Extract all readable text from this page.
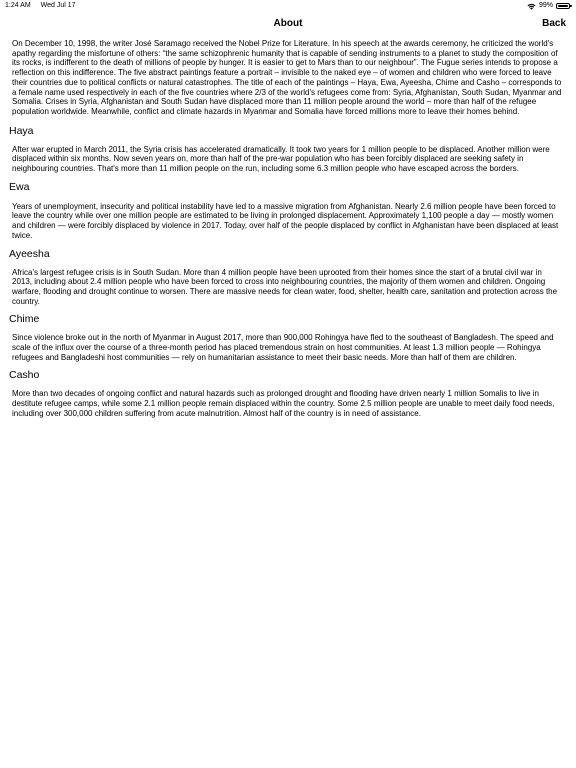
1:24 AM Wed Jul 17	99%
About	Back

On December 10, 1998, the writer José Saramago received the Nobel Prize for Literature. In his speech at the awards ceremony, he criticized the world's apathy regarding the misfortune of others: “the same schizophrenic humanity that is capable of sending instruments to a planet to study the composition of its rocks, is indifferent to the death of millions of people by hunger. It is easier to get to Mars than to our neighbour”. The Fugue series intends to propose a reflection on this indifference. The five abstract paintings feature a portrait – invisible to the naked eye – of women and children who were forced to leave their countries due to political conflicts or natural catastrophes. The title of each of the paintings – Haya, Ewa, Ayeesha, Chime and Casho – corresponds to a female name used respectively in each of the five countries where 2/3 of the world's refugees come from: Syria, Afghanistan, South Sudan, Myanmar and Somalia. Crises in Syria, Afghanistan and South Sudan have displaced more than 11 million people around the world – more than half of the refugee population worldwide. Meanwhile, conflict and climate hazards in Myanmar and Somalia have forced millions more to leave their homes behind.

Haya

After war erupted in March 2011, the Syria crisis has accelerated dramatically. It took two years for 1 million people to be displaced. Another million were displaced within six months. Now seven years on, more than half of the pre-war population who has been forcibly displaced are seeking safety in neighbouring countries. That's more than 11 million people on the run, including some 6.3 million people who have escaped across the borders.

Ewa

Years of unemployment, insecurity and political instability have led to a massive migration from Afghanistan. Nearly 2.6 million people have been forced to leave the country while over one million people are estimated to be living in prolonged displacement. Approximately 1,100 people a day — mostly women and children — were forcibly displaced by violence in 2017. Today, over half of the people displaced by conflict in Afghanistan have been displaced at least twice.

Ayeesha

Africa's largest refugee crisis is in South Sudan. More than 4 million people have been uprooted from their homes since the start of a brutal civil war in 2013, including about 2.4 million people who have been forced to cross into neighbouring countries, the majority of them women and children. Ongoing warfare, flooding and drought continue to worsen. There are massive needs for clean water, food, shelter, health care, sanitation and protection across the country.

Chime

Since violence broke out in the north of Myanmar in August 2017, more than 900,000 Rohingya have fled to the southeast of Bangladesh. The speed and scale of the influx over the course of a three-month period has placed tremendous strain on host communities. At least 1.3 million people — Rohingya refugees and Bangladeshi host communities — rely on humanitarian assistance to meet their basic needs. More than half of them are children.

Casho

More than two decades of ongoing conflict and natural hazards such as prolonged drought and flooding have driven nearly 1 million Somalis to live in destitute refugee camps, while some 2.1 million people remain displaced within the country. Some 2.5 million people are unable to meet daily food needs, including over 300,000 children suffering from acute malnutrition. Almost half of the country is in need of assistance.
